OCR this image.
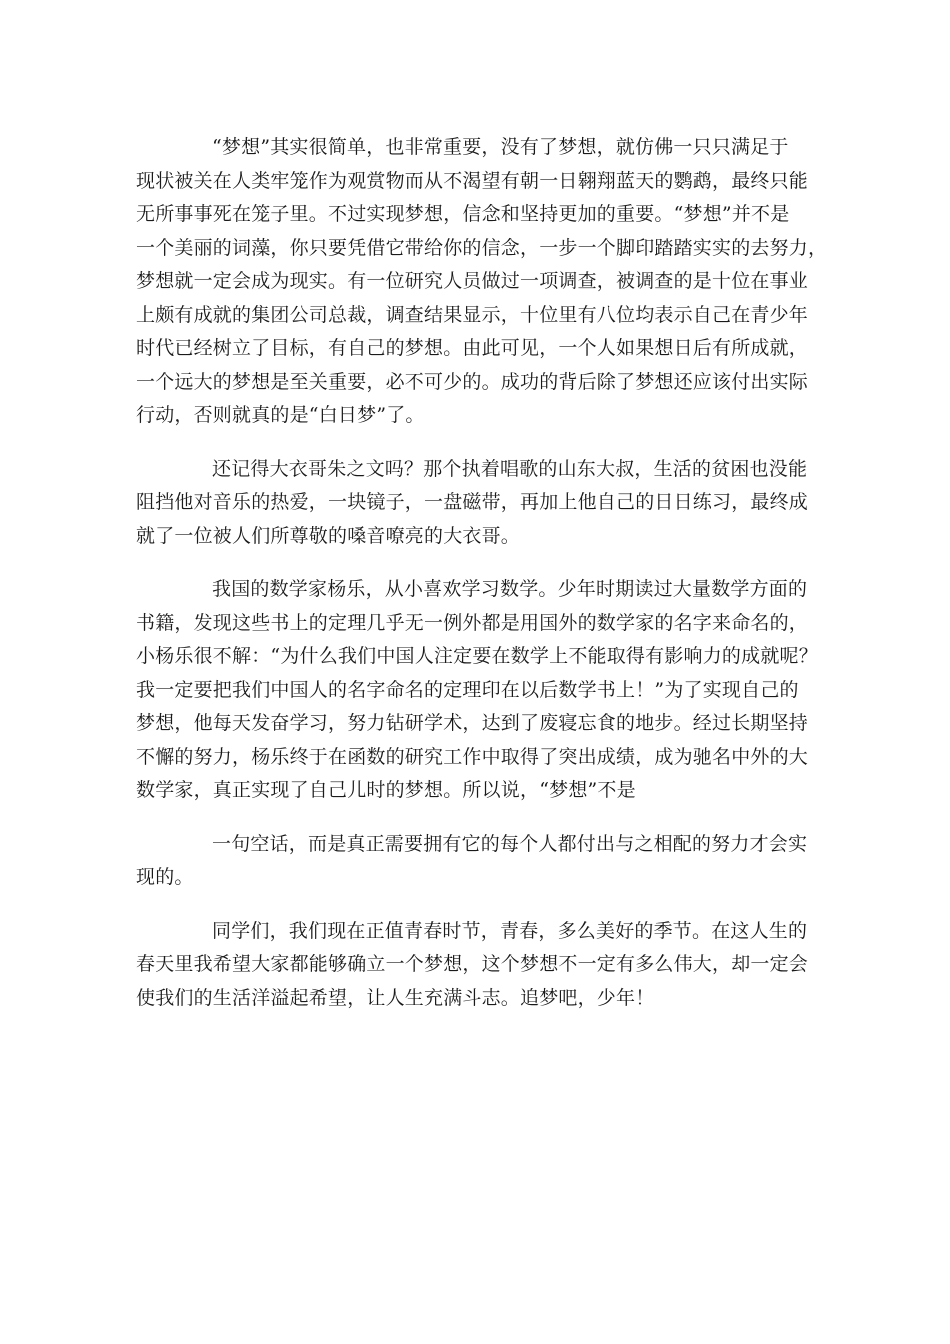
“梦想”其实很简单，也非常重要，没有了梦想，就仿佛一只只满足于
现状被关在人类牢笼作为观赏物而从不渴望有朝一日翱翔蓝天的鹦鹉，最终只能
无所事事死在笼子里。不过实现梦想，信念和坚持更加的重要。“梦想”并不是
一个美丽的词藻，你只要凭借它带给你的信念，一步一个脚印踏踏实实的去努力，
梦想就一定会成为现实。有一位研究人员做过一项调查，被调查的是十位在事业
上颇有成就的集团公司总裁，调查结果显示，十位里有八位均表示自己在青少年
时代已经树立了目标，有自己的梦想。由此可见，一个人如果想日后有所成就，
一个远大的梦想是至关重要，必不可少的。成功的背后除了梦想还应该付出实际
行动，否则就真的是“白日梦”了。
还记得大衣哥朱之文吗？那个执着唱歌的山东大叔，生活的贫困也没能
阻挡他对音乐的热爱，一块镜子，一盘磁带，再加上他自己的日日练习，最终成
就了一位被人们所尊敬的嗓音嘹亮的大衣哥。
我国的数学家杨乐，从小喜欢学习数学。少年时期读过大量数学方面的
书籍，发现这些书上的定理几乎无一例外都是用国外的数学家的名字来命名的，
小杨乐很不解：“为什么我们中国人注定要在数学上不能取得有影响力的成就呢？
我一定要把我们中国人的名字命名的定理印在以后数学书上！”为了实现自己的
梦想，他每天发奋学习，努力钻研学术，达到了废寝忘食的地步。经过长期坚持
不懈的努力，杨乐终于在函数的研究工作中取得了突出成绩，成为驰名中外的大
数学家，真正实现了自己儿时的梦想。所以说，“梦想”不是
一句空话，而是真正需要拥有它的每个人都付出与之相配的努力才会实
现的。
同学们，我们现在正值青春时节，青春，多么美好的季节。在这人生的
春天里我希望大家都能够确立一个梦想，这个梦想不一定有多么伟大，却一定会
使我们的生活洋溢起希望，让人生充满斗志。追梦吧，少年！
